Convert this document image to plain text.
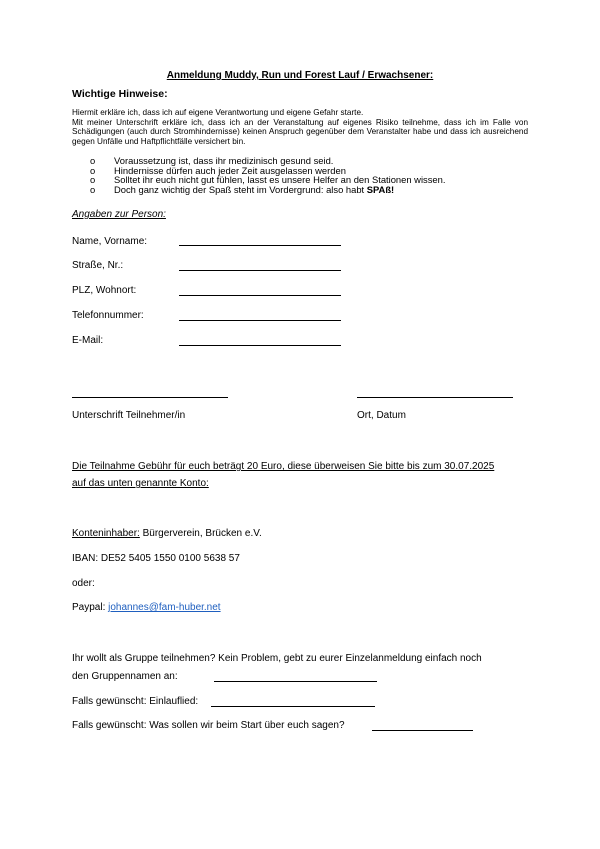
Anmeldung Muddy, Run und Forest Lauf / Erwachsener:
Wichtige Hinweise:

Hiermit erkläre ich, dass ich auf eigene Verantwortung und eigene Gefahr starte.

Mit meiner Unterschrift erkläre ich, dass ich an der Veranstaltung auf eigenes Risiko teilnehme, dass ich im Falle von Schädigungen (auch durch Stromhindernisse) keinen Anspruch gegenüber dem Veranstalter habe und dass ich ausreichend gegen Unfälle und Haftpflichtfälle versichert bin.

o	Voraussetzung ist, dass ihr medizinisch gesund seid.
o	Hindernisse dürfen auch jeder Zeit ausgelassen werden
o	Solltet ihr euch nicht gut fühlen, lasst es unsere Helfer an den Stationen wissen.
o	Doch ganz wichtig der Spaß steht im Vordergrund: also habt SPAß!
Angaben zur Person:
Name, Vorname:
Straße, Nr.:
PLZ, Wohnort:
Telefonnummer:
E-Mail:
Unterschrift Teilnehmer/in	Ort, Datum
Die Teilnahme Gebühr für euch beträgt 20 Euro, diese überweisen Sie bitte bis zum 30.07.2025
auf das unten genannte Konto:
Konteninhaber: Bürgerverein, Brücken e.V.
IBAN: DE52 5405 1550 0100 5638 57
oder:
Paypal: johannes@fam-huber.net
Ihr wollt als Gruppe teilnehmen? Kein Problem, gebt zu eurer Einzelanmeldung einfach noch
den Gruppennamen an:
Falls gewünscht: Einlauflied:
Falls gewünscht: Was sollen wir beim Start über euch sagen?
